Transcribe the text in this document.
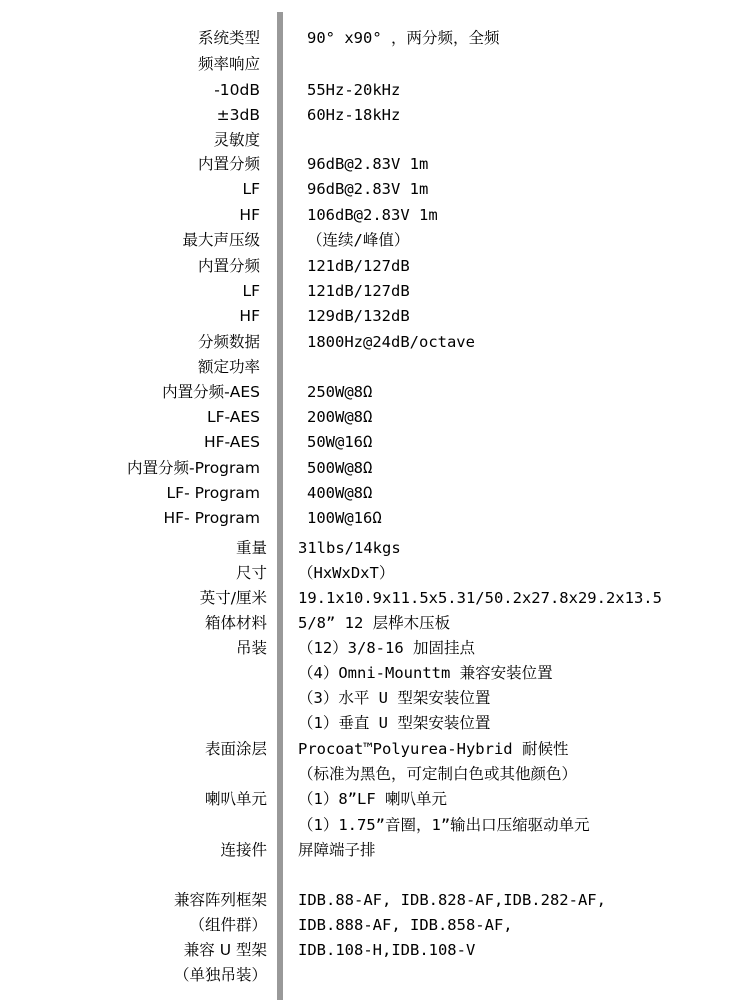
系统类型	90° x90° ，两分频，全频
频率响应
-10dB	55Hz-20kHz
±3dB	60Hz-18kHz
灵敏度
内置分频	96dB@2.83V 1m
LF	96dB@2.83V 1m
HF	106dB@2.83V 1m
最大声压级	（连续/峰值）
内置分频	121dB/127dB
LF	121dB/127dB
HF	129dB/132dB
分频数据	1800Hz@24dB/octave
额定功率
内置分频-AES	250W@8Ω
LF-AES	200W@8Ω
HF-AES	50W@16Ω
内置分频-Program	500W@8Ω
LF- Program	400W@8Ω
HF- Program	100W@16Ω
重量 31lbs/14kgs
尺寸 （HxWxDxT）
英寸/厘米 19.1x10.9x11.5x5.31/50.2x27.8x29.2x13.5
箱体材料 5/8” 12 层桦木压板
吊装 （12）3/8-16 加固挂点
（4）Omni-Mounttm 兼容安装位置
（3）水平 U 型架安装位置
（1）垂直 U 型架安装位置
表面涂层 Procoat™Polyurea-Hybrid 耐候性
（标准为黑色，可定制白色或其他颜色）
喇叭单元 （1）8”LF 喇叭单元
（1）1.75”音圈，1”输出口压缩驱动单元
连接件 屏障端子排
兼容阵列框架 IDB.88-AF, IDB.828-AF,IDB.282-AF,
（组件群） IDB.888-AF, IDB.858-AF,
兼容 U 型架 IDB.108-H,IDB.108-V
（单独吊装）
